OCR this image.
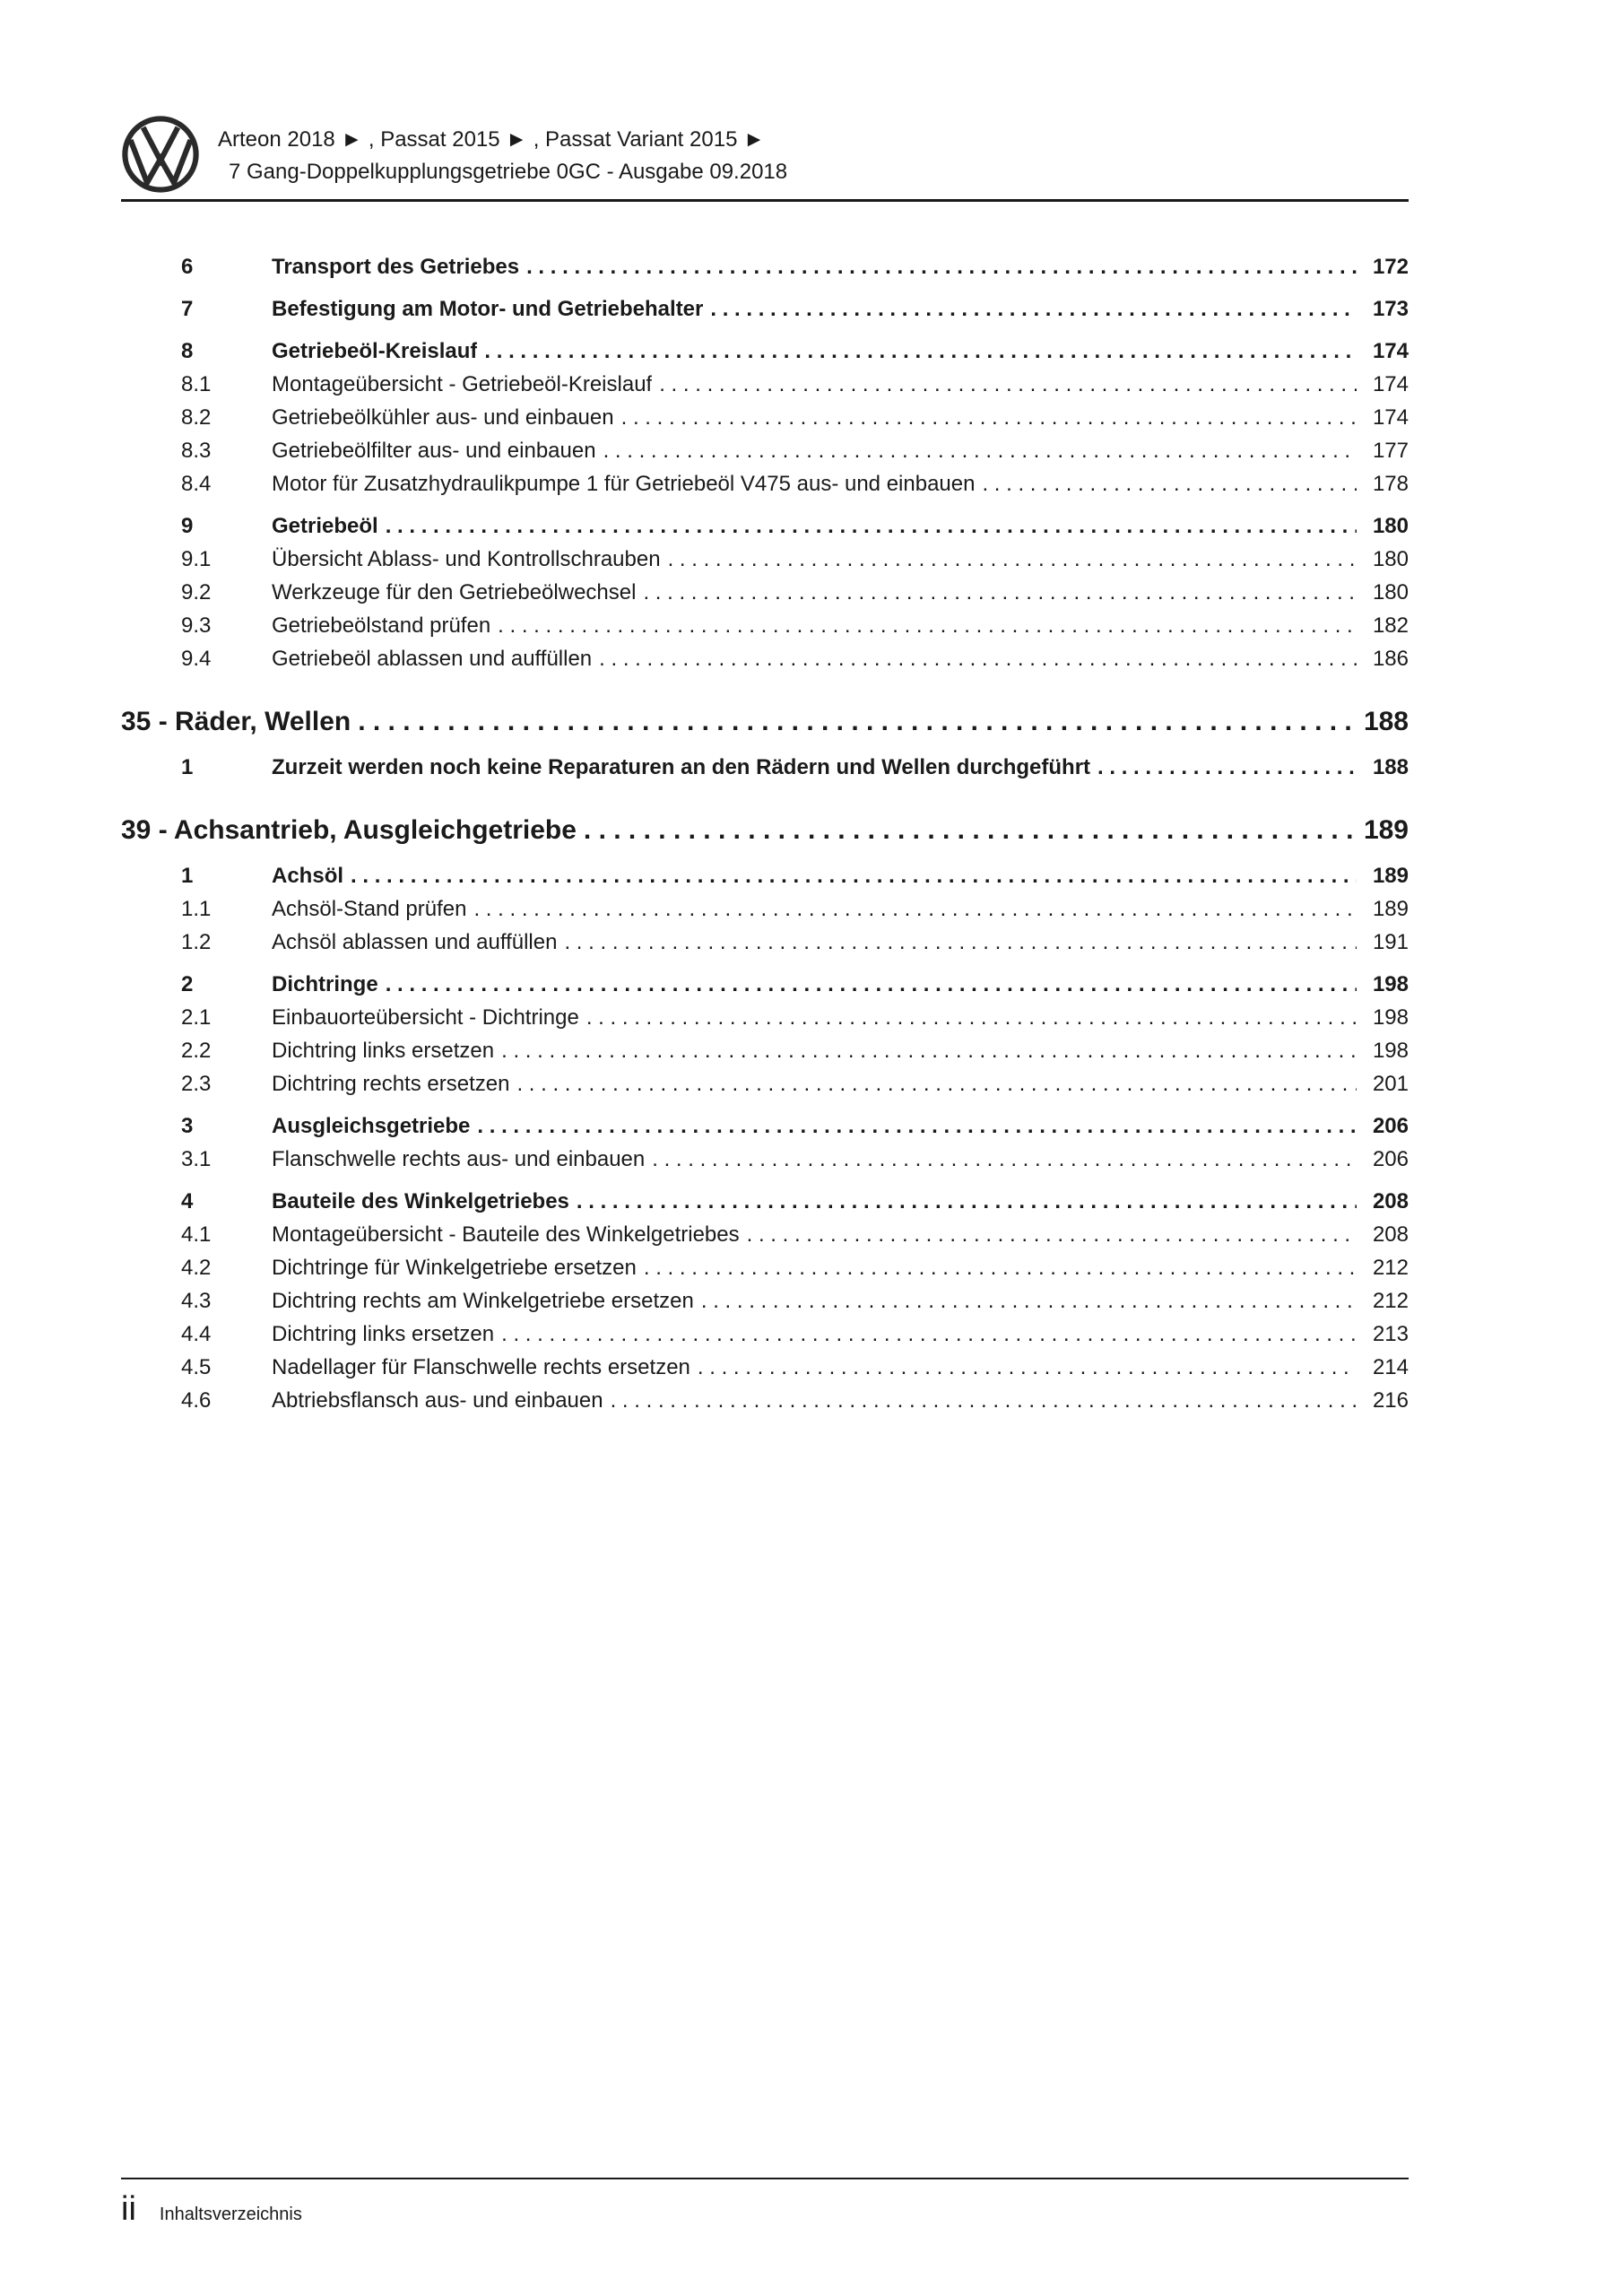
Arteon 2018 ► , Passat 2015 ► , Passat Variant 2015 ►
7 Gang-Doppelkupplungsgetriebe 0GC - Ausgabe 09.2018
6	Transport des Getriebes . . .	172
7	Befestigung am Motor- und Getriebehalter . . .	173
8	Getriebeöl-Kreislauf . . .	174
8.1	Montageübersicht - Getriebeöl-Kreislauf . . .	174
8.2	Getriebeölkühler aus- und einbauen . . .	174
8.3	Getriebeölfilter aus- und einbauen . . .	177
8.4	Motor für Zusatzhydraulikpumpe 1 für Getriebeöl V475 aus- und einbauen . . .	178
9	Getriebeöl . . .	180
9.1	Übersicht Ablass- und Kontrollschrauben . . .	180
9.2	Werkzeuge für den Getriebeölwechsel . . .	180
9.3	Getriebeölstand prüfen . . .	182
9.4	Getriebeöl ablassen und auffüllen . . .	186
35 - Räder, Wellen . . .	188
1	Zurzeit werden noch keine Reparaturen an den Rädern und Wellen durchgeführt . . .	188
39 - Achsantrieb, Ausgleichgetriebe . . .	189
1	Achsöl . . .	189
1.1	Achsöl-Stand prüfen . . .	189
1.2	Achsöl ablassen und auffüllen . . .	191
2	Dichtringe . . .	198
2.1	Einbauorteübersicht - Dichtringe . . .	198
2.2	Dichtring links ersetzen . . .	198
2.3	Dichtring rechts ersetzen . . .	201
3	Ausgleichsgetriebe . . .	206
3.1	Flanschwelle rechts aus- und einbauen . . .	206
4	Bauteile des Winkelgetriebes . . .	208
4.1	Montageübersicht - Bauteile des Winkelgetriebes . . .	208
4.2	Dichtringe für Winkelgetriebe ersetzen . . .	212
4.3	Dichtring rechts am Winkelgetriebe ersetzen . . .	212
4.4	Dichtring links ersetzen . . .	213
4.5	Nadellager für Flanschwelle rechts ersetzen . . .	214
4.6	Abtriebsflansch aus- und einbauen . . .	216
ii Inhaltsverzeichnis
